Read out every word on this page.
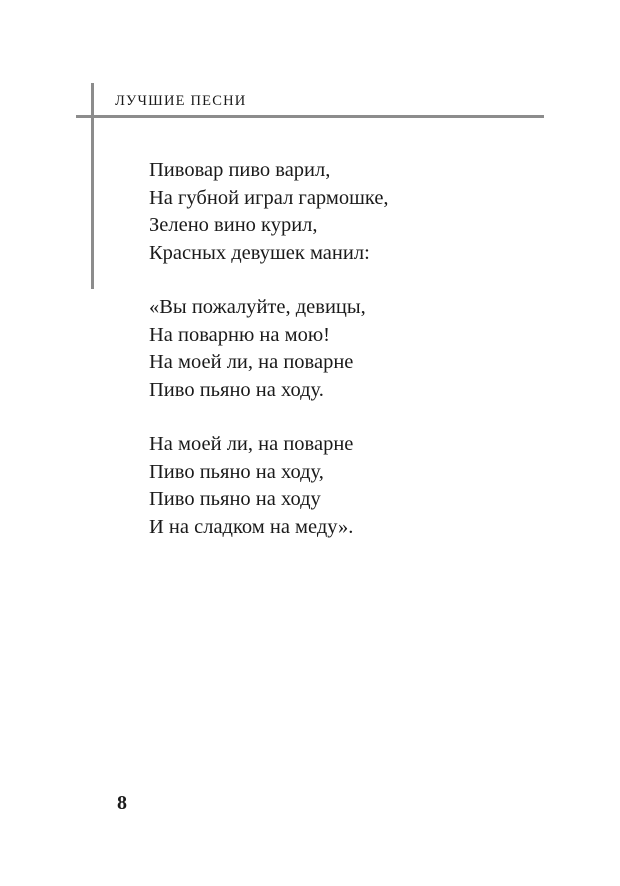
ЛУЧШИЕ ПЕСНИ
Пивовар пиво варил,
На губной играл гармошке,
Зелено вино курил,
Красных девушек манил:
«Вы пожалуйте, девицы,
На поварню на мою!
На моей ли, на поварне
Пиво пьяно на ходу.
На моей ли, на поварне
Пиво пьяно на ходу,
Пиво пьяно на ходу
И на сладком на меду».
8
